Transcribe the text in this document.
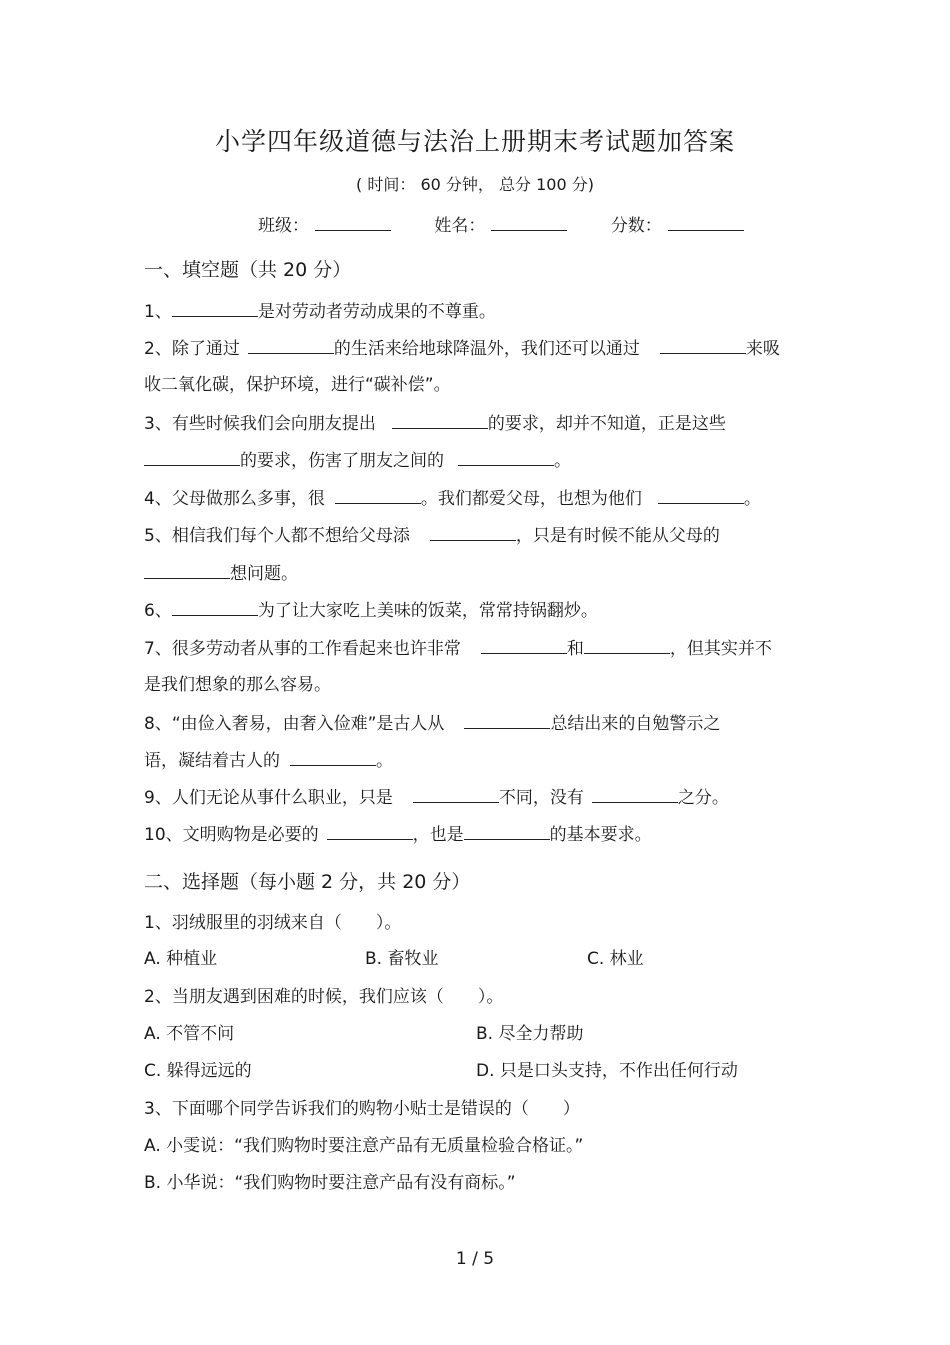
小学四年级道德与法治上册期末考试题加答案
( 时间： 60 分钟， 总分 100 分)
班级：	姓名：	分数：
一、填空题（共 20 分）
1、	是对劳动者劳动成果的不尊重。
2、除了通过	的生活来给地球降温外，我们还可以通过	来吸
收二氧化碳，保护环境，进行“碳补偿”。
3、有些时候我们会向朋友提出	的要求，却并不知道，正是这些
的要求，伤害了朋友之间的	。
4、父母做那么多事，很	。我们都爱父母，也想为他们	。
5、相信我们每个人都不想给父母添	，只是有时候不能从父母的
想问题。
6、	为了让大家吃上美味的饭菜，常常持锅翻炒。
7、很多劳动者从事的工作看起来也许非常	和	，但其实并不
是我们想象的那么容易。
8、“由俭入奢易，由奢入俭难”是古人从	总结出来的自勉警示之
语，凝结着古人的	。
9、人们无论从事什么职业，只是	不同，没有	之分。
10、文明购物是必要的	，也是	的基本要求。
二、选择题（每小题 2 分，共 20 分）
1、羽绒服里的羽绒来自（　　）。
A. 种植业	B. 畜牧业	C. 林业
2、当朋友遇到困难的时候，我们应该（　　）。
A. 不管不问	B. 尽全力帮助
C. 躲得远远的	D. 只是口头支持，不作出任何行动
3、下面哪个同学告诉我们的购物小贴士是错误的（　　）
A. 小雯说：“我们购物时要注意产品有无质量检验合格证。”
B. 小华说：“我们购物时要注意产品有没有商标。”
1 / 5
